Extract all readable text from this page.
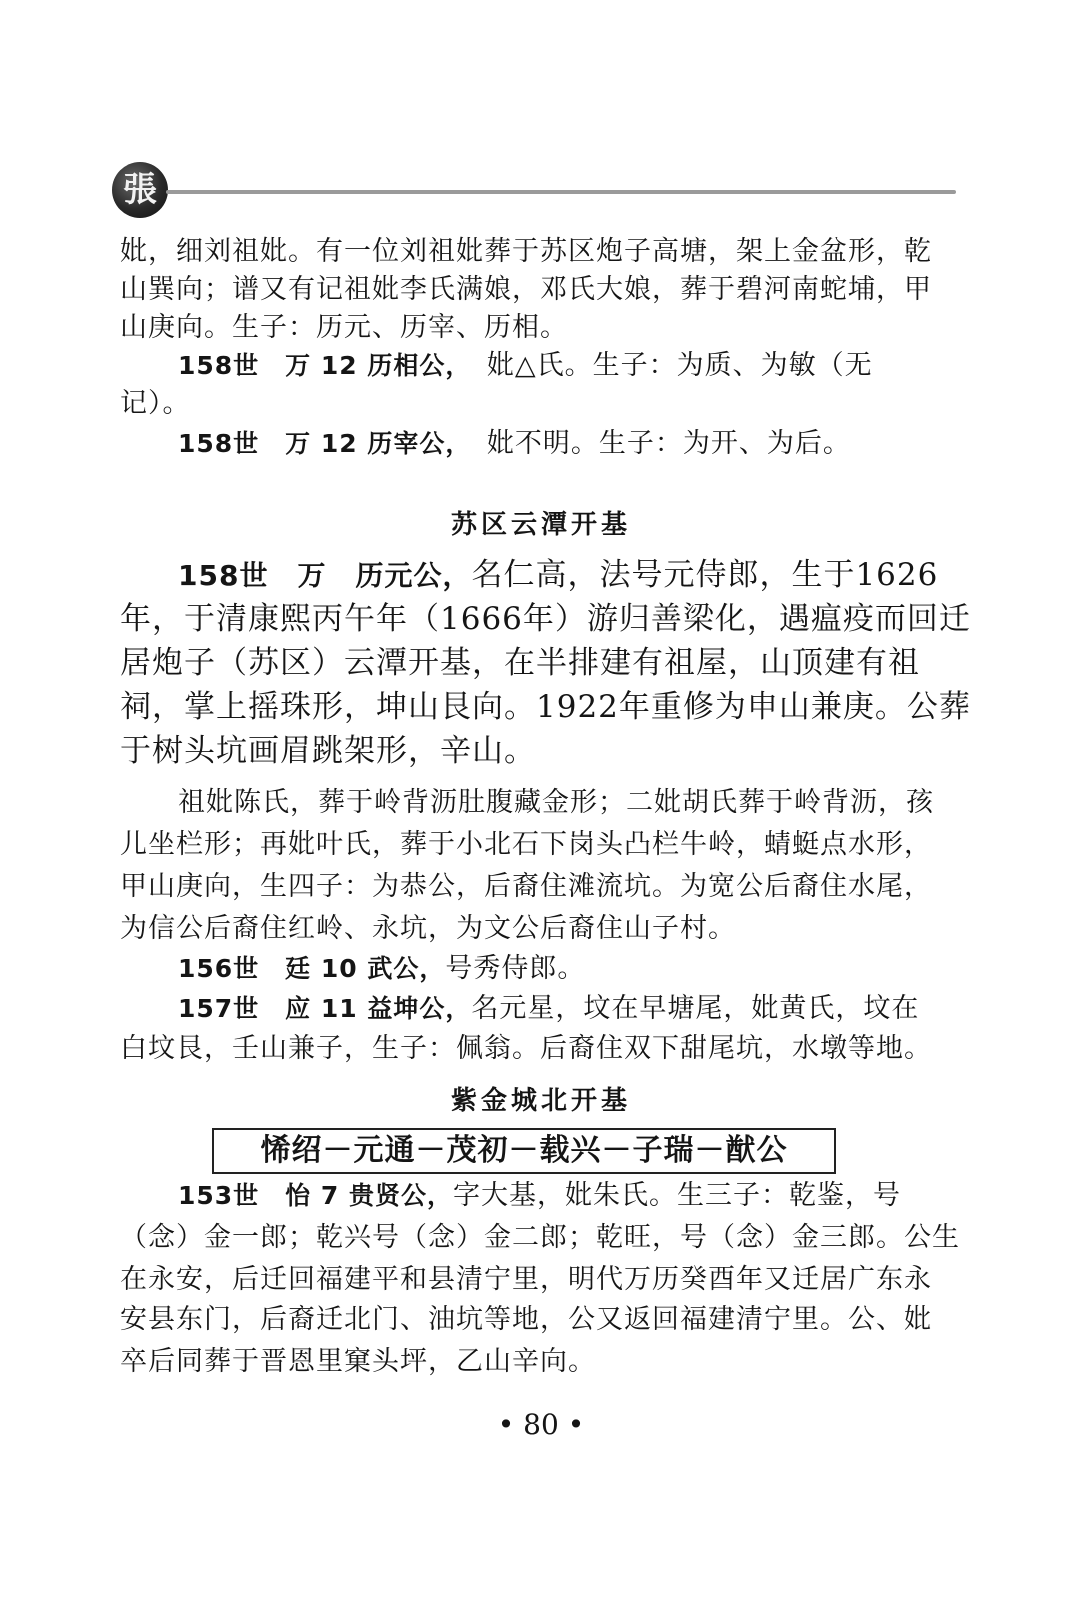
張

妣，细刘祖妣。有一位刘祖妣葬于苏区炮子高塘，架上金盆形，乾

山巽向；谱又有记祖妣李氏满娘，邓氏大娘，葬于碧河南蛇埔，甲

山庚向。生子：历元、历宰、历相。

158世　万 12 历相公，　妣△氏。生子：为质、为敏（无

记）。

158世　万 12 历宰公，　妣不明。生子：为开、为后。

苏区云潭开基

158世　万　历元公，名仁高，法号元侍郎，生于1626

年，于清康熙丙午年（1666年）游归善梁化，遇瘟疫而回迁

居炮子（苏区）云潭开基，在半排建有祖屋，山顶建有祖

祠，掌上摇珠形，坤山艮向。1922年重修为申山兼庚。公葬

于树头坑画眉跳架形，辛山。

祖妣陈氏，葬于岭背沥肚腹藏金形；二妣胡氏葬于岭背沥，孩

儿坐栏形；再妣叶氏，葬于小北石下岗头凸栏牛岭，蜻蜓点水形，

甲山庚向，生四子：为恭公，后裔住滩流坑。为宽公后裔住水尾，

为信公后裔住红岭、永坑，为文公后裔住山子村。

156世　廷 10 武公，号秀侍郎。

157世　应 11 益坤公，名元星，坟在早塘尾，妣黄氏，坟在

白坟艮，壬山兼子，生子：佩翁。后裔住双下甜尾坑，水墩等地。

紫金城北开基
悕绍－元通－茂初－载兴－子瑞－猷公

153世　怡 7 贵贤公，字大基，妣朱氏。生三子：乾鉴，号

（念）金一郎；乾兴号（念）金二郎；乾旺，号（念）金三郎。公生

在永安，后迁回福建平和县清宁里，明代万历癸酉年又迁居广东永

安县东门，后裔迁北门、油坑等地，公又返回福建清宁里。公、妣

卒后同葬于晋恩里窠头坪，乙山辛向。

• 80 •
